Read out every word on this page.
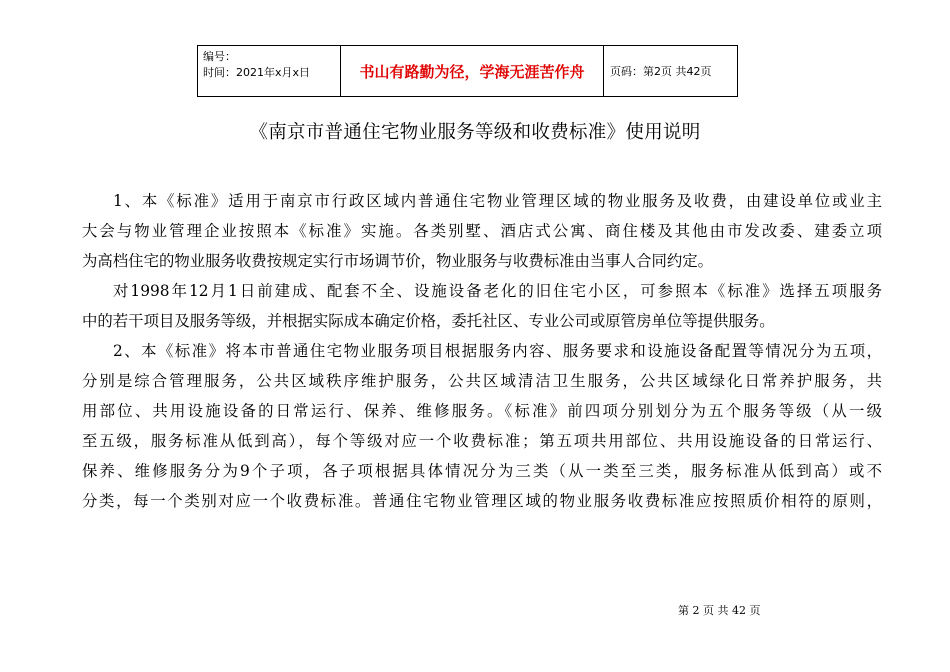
编号：
时间：2021年x月x日	书山有路勤为径，学海无涯苦作舟 页码：第2页 共42页
《南京市普通住宅物业服务等级和收费标准》使用说明
1、本《标准》适用于南京市行政区域内普通住宅物业管理区域的物业服务及收费，由建设单位或业主
大会与物业管理企业按照本《标准》实施。各类别墅、酒店式公寓、商住楼及其他由市发改委、建委立项
为高档住宅的物业服务收费按规定实行市场调节价，物业服务与收费标准由当事人合同约定。
对1998年12月1日前建成、配套不全、设施设备老化的旧住宅小区，可参照本《标准》选择五项服务
中的若干项目及服务等级，并根据实际成本确定价格，委托社区、专业公司或原管房单位等提供服务。
2、本《标准》将本市普通住宅物业服务项目根据服务内容、服务要求和设施设备配置等情况分为五项，
分别是综合管理服务，公共区域秩序维护服务，公共区域清洁卫生服务，公共区域绿化日常养护服务，共
用部位、共用设施设备的日常运行、保养、维修服务。《标准》前四项分别划分为五个服务等级（从一级
至五级，服务标准从低到高），每个等级对应一个收费标准；第五项共用部位、共用设施设备的日常运行、
保养、维修服务分为9个子项，各子项根据具体情况分为三类（从一类至三类，服务标准从低到高）或不
分类，每一个类别对应一个收费标准。普通住宅物业管理区域的物业服务收费标准应按照质价相符的原则，
第 2 页 共 42 页
